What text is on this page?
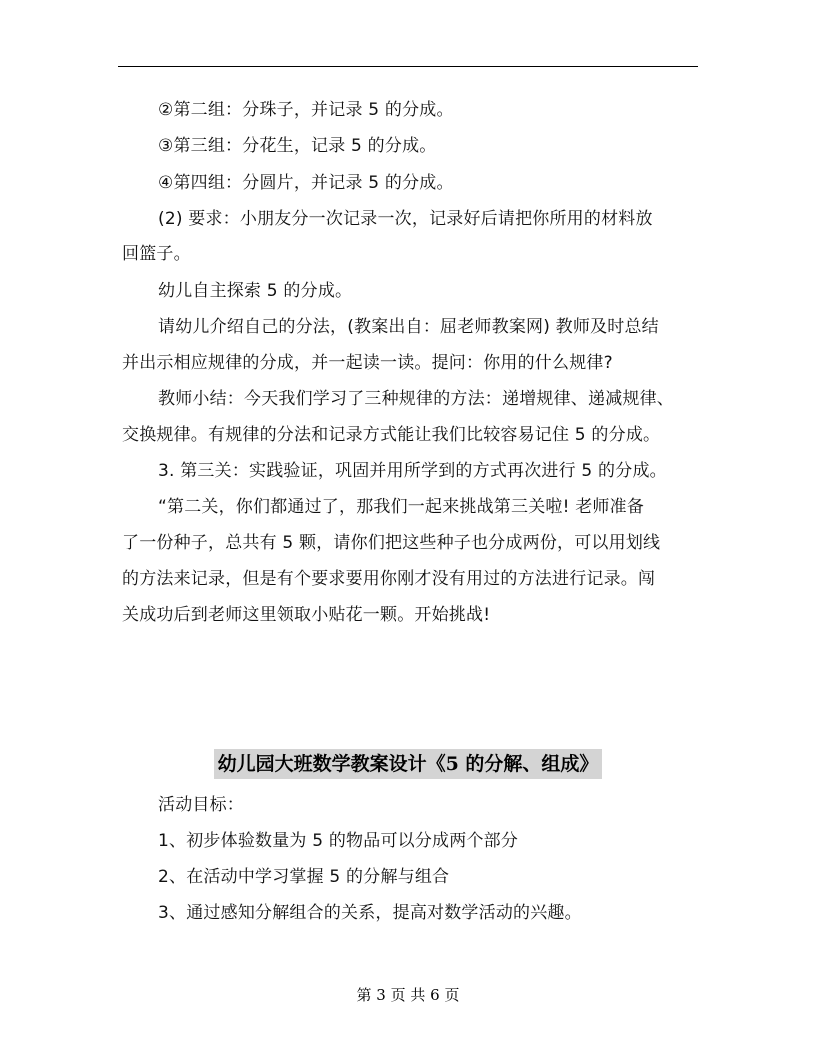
②第二组：分珠子，并记录 5 的分成。
③第三组：分花生，记录 5 的分成。
④第四组：分圆片，并记录 5 的分成。
(2) 要求：小朋友分一次记录一次，记录好后请把你所用的材料放
回篮子。
幼儿自主探索 5 的分成。
请幼儿介绍自己的分法，(教案出自：屈老师教案网) 教师及时总结
并出示相应规律的分成，并一起读一读。提问：你用的什么规律?
教师小结：今天我们学习了三种规律的方法：递增规律、递减规律、
交换规律。有规律的分法和记录方式能让我们比较容易记住 5 的分成。
3. 第三关：实践验证，巩固并用所学到的方式再次进行 5 的分成。
“第二关，你们都通过了，那我们一起来挑战第三关啦! 老师准备
了一份种子，总共有 5 颗，请你们把这些种子也分成两份，可以用划线
的方法来记录，但是有个要求要用你刚才没有用过的方法进行记录。闯
关成功后到老师这里领取小贴花一颗。开始挑战!
幼儿园大班数学教案设计《5 的分解、组成》
活动目标：
1、初步体验数量为 5 的物品可以分成两个部分
2、在活动中学习掌握 5 的分解与组合
3、通过感知分解组合的关系，提高对数学活动的兴趣。
第 3 页 共 6 页
